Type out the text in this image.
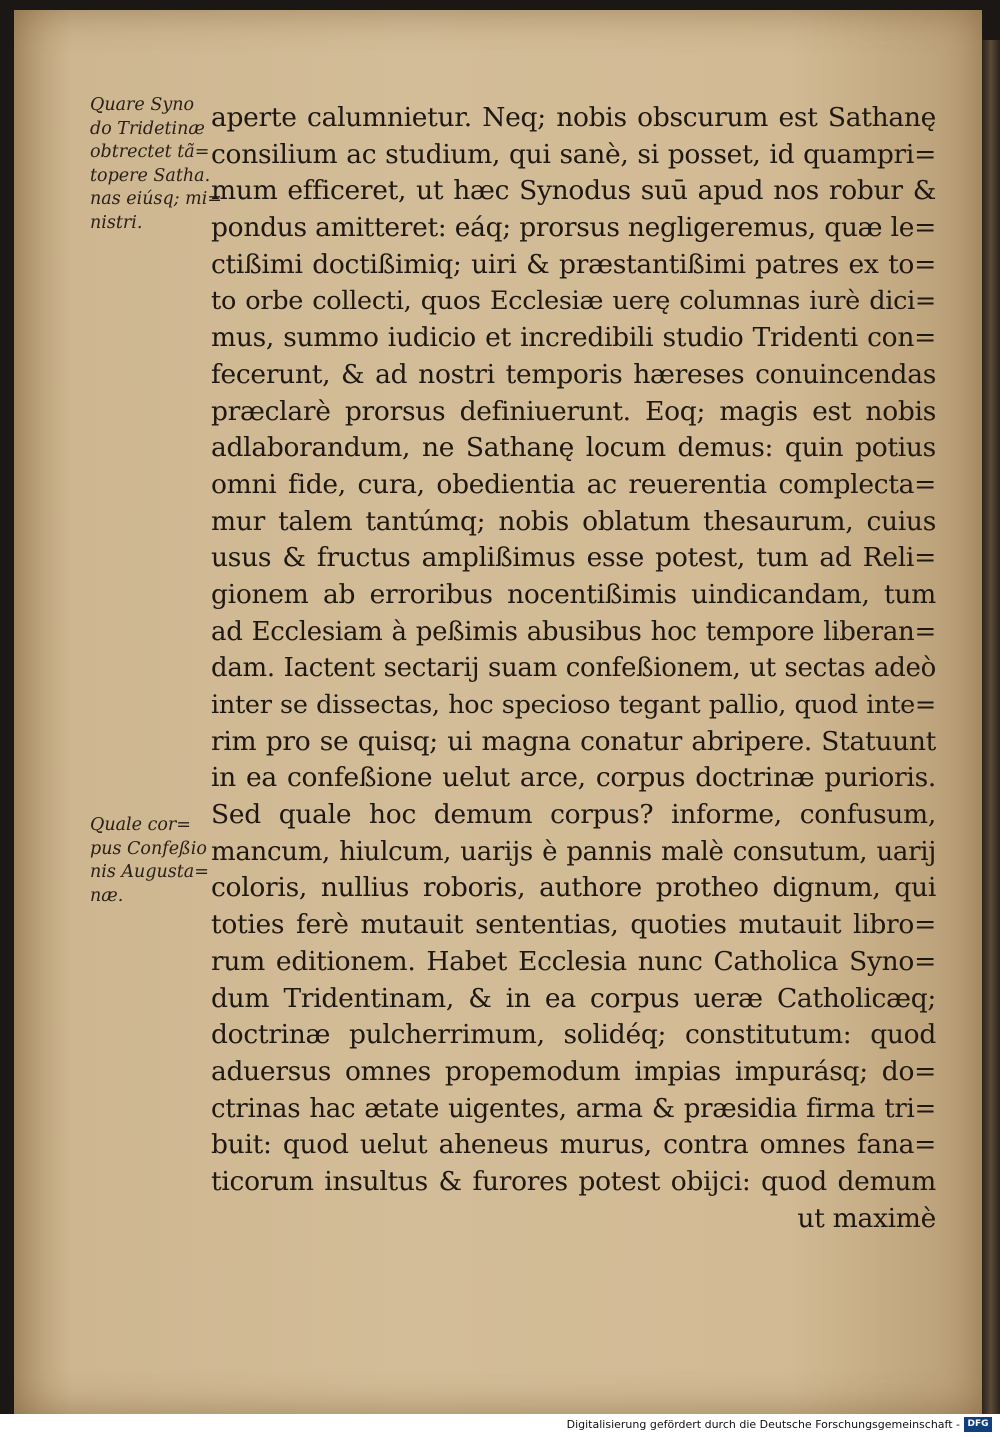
Quare Syno
do Tridetinæ
obtrectet tã=
topere Satha.
nas eiúsq; mi=
nistri.
Quale cor=
pus Confeßio
nis Augusta=
næ.
aperte calumnietur. Neq; nobis obscurum est Sathanę
consilium ac studium, qui sanè, si posset, id quampri=
mum efficeret, ut hæc Synodus suū apud nos robur &
pondus amitteret: eáq; prorsus negligeremus, quæ le=
ctißimi doctißimiq; uiri & præstantißimi patres ex to=
to orbe collecti, quos Ecclesiæ uerę columnas iurè dici=
mus, summo iudicio et incredibili studio Tridenti con=
fecerunt, & ad nostri temporis hæreses conuincendas
præclarè prorsus definiuerunt. Eoq; magis est nobis
adlaborandum, ne Sathanę locum demus: quin potius
omni fide, cura, obedientia ac reuerentia complecta=
mur talem tantúmq; nobis oblatum thesaurum, cuius
usus & fructus amplißimus esse potest, tum ad Reli=
gionem ab erroribus nocentißimis uindicandam, tum
ad Ecclesiam à peßimis abusibus hoc tempore liberan=
dam. Iactent sectarij suam confeßionem, ut sectas adeò
inter se dissectas, hoc specioso tegant pallio, quod inte=
rim pro se quisq; ui magna conatur abripere. Statuunt
in ea confeßione uelut arce, corpus doctrinæ purioris.
Sed quale hoc demum corpus? informe, confusum,
mancum, hiulcum, uarijs è pannis malè consutum, uarij
coloris, nullius roboris, authore protheo dignum, qui
toties ferè mutauit sententias, quoties mutauit libro=
rum editionem. Habet Ecclesia nunc Catholica Syno=
dum Tridentinam, & in ea corpus ueræ Catholicæq;
doctrinæ pulcherrimum, solidéq; constitutum: quod
aduersus omnes propemodum impias impurásq; do=
ctrinas hac ætate uigentes, arma & præsidia firma tri=
buit: quod uelut aheneus murus, contra omnes fana=
ticorum insultus & furores potest obijci: quod demum
ut maximè
Digitalisierung gefördert durch die Deutsche Forschungsgemeinschaft - DFG
